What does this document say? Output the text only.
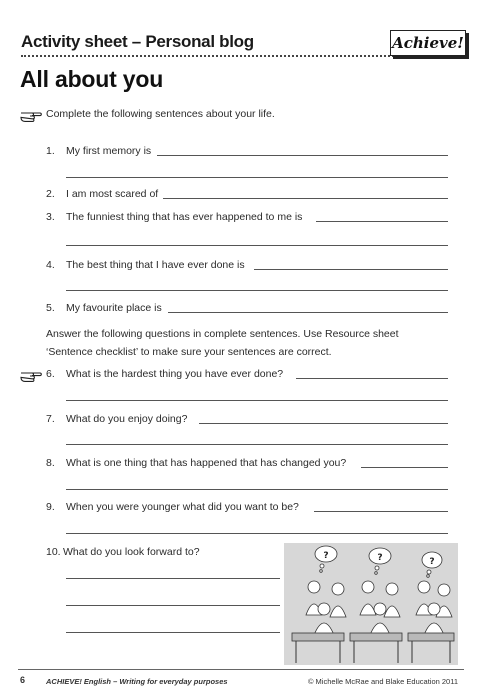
Activity sheet – Personal blog	Achieve!
All about you
Complete the following sentences about your life.
1.	My first memory is
2.	I am most scared of
3.	The funniest thing that has ever happened to me is
4.	The best thing that I have ever done is
5.	My favourite place is
Answer the following questions in complete sentences. Use Resource sheet
‘Sentence checklist’ to make sure your sentences are correct.
6.	What is the hardest thing you have ever done?
7.	What do you enjoy doing?
8.	What is one thing that has happened that has changed you?
9.	When you were younger what did you want to be?
10. What do you look forward to?	?	?	?
6	ACHIEVE! English – Writing for everyday purposes	© Michelle McRae and Blake Education 2011
